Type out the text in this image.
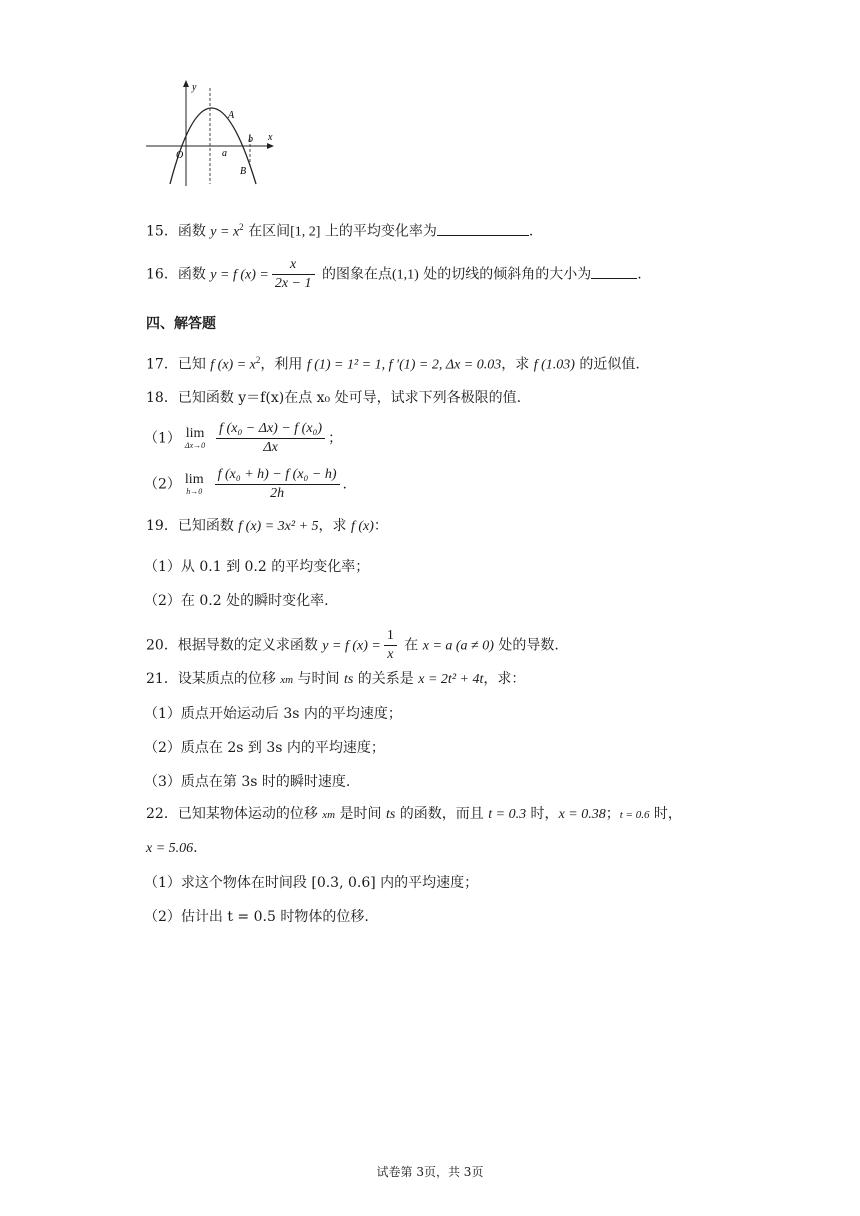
y
x
O
A
a
b
B
15．函数 $y = x^2$ 在区间[1, 2] 上的平均变化率为	.
16．函数 y = f $(x) = \frac{x}{2x - 1}$ 的图象在点(1,1) 处的切线的倾斜角的大小为	.
四、解答题
17．已知 f $(x) = x^2$，利用 f (1) = 1² = 1, f ′(1) = 2, Δx = 0.03，求 f (1.03) 的近似值.
18．已知函数 y＝f(x)在点 x₀ 处可导，试求下列各极限的值.
（1） lim
$\Delta x\to 0 \frac{\text{f (x₀ − Δx) − f (x₀)}}{\Delta x}$ ；
（2） lim
$h\to 0 \frac{\text{f (x₀ + h) − f (x₀ − h)}}{2h}$ .
19．已知函数 f (x) = 3x² + 5，求 f (x)：
（1）从 0.1 到 0.2 的平均变化率；
（2）在 0.2 处的瞬时变化率.
20．根据导数的定义求函数 y = f $(x) = \frac{1}{x}$ 在 x = a (a ≠ 0) 处的导数.
21．设某质点的位移 xm 与时间 ts 的关系是 x = 2t² + 4t，求：
（1）质点开始运动后 3s 内的平均速度；
（2）质点在 2s 到 3s 内的平均速度；
（3）质点在第 3s 时的瞬时速度.
22．已知某物体运动的位移 xm 是时间 ts 的函数，而且 t = 0.3 时，x = 0.38；t = 0.6 时，
x = 5.06.
（1）求这个物体在时间段 [0.3, 0.6] 内的平均速度；
（2）估计出 t = 0.5 时物体的位移.
试卷第 3页，共 3页
